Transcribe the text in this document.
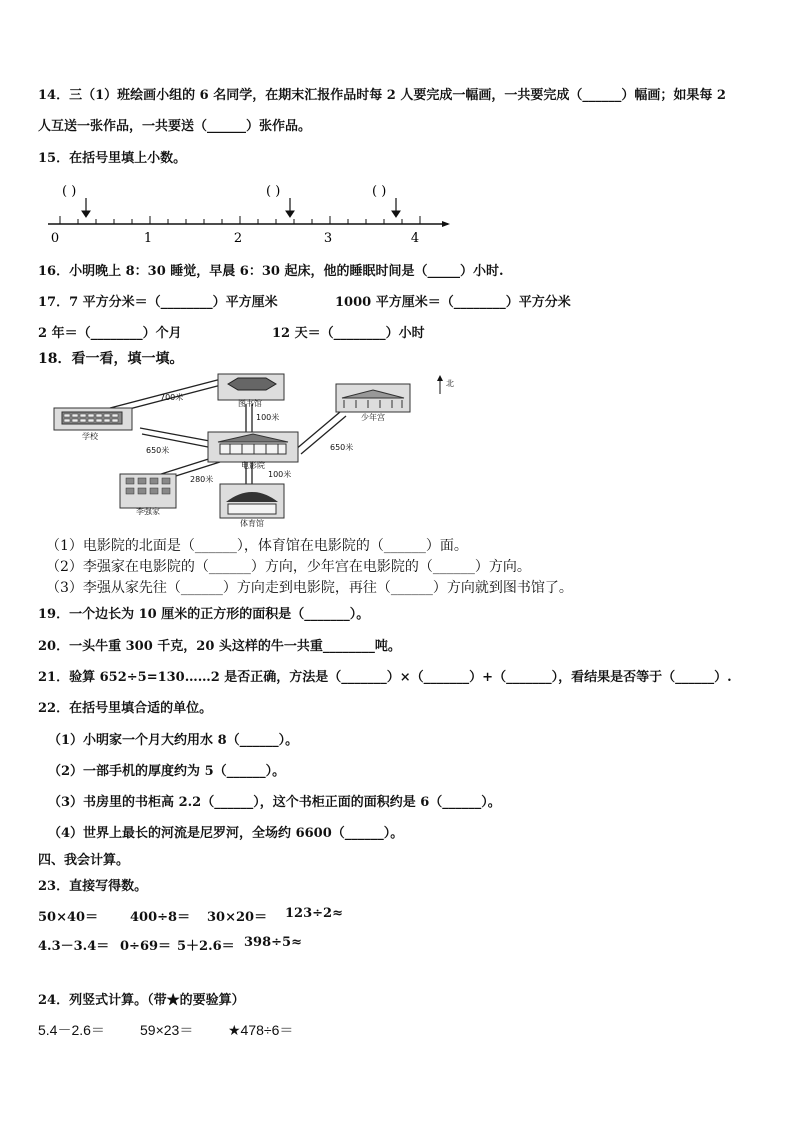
14．三（1）班绘画小组的 6 名同学，在期末汇报作品时每 2 人要完成一幅画，一共要完成（______）幅画；如果每 2
人互送一张作品，一共要送（______）张作品。
15．在括号里填上小数。
( )	( )	( )
0	1	2	3	4
16．小明晚上 8：30 睡觉，早晨 6：30 起床，他的睡眠时间是（_____）小时.
17．7 平方分米＝（________）平方厘米	1000 平方厘米＝（________）平方分米
2 年＝（________）个月	12 天＝（________）小时
18．看一看，填一填。
图书馆
学校
少年宫
电影院
李强家
体育馆
700米
100米
650米	650米
280米
100米
北
（1）电影院的北面是（______），体育馆在电影院的（______）面。
（2）李强家在电影院的（______）方向，少年宫在电影院的（______）方向。
（3）李强从家先往（______）方向走到电影院，再往（______）方向就到图书馆了。
19．一个边长为 10 厘米的正方形的面积是（_______）。
20．一头牛重 300 千克，20 头这样的牛一共重________吨。
21．验算 652÷5=130……2 是否正确，方法是（_______）×（_______）+（_______），看结果是否等于（______）.
22．在括号里填合适的单位。
（1）小明家一个月大约用水 8（______）。
（2）一部手机的厚度约为 5（______）。
（3）书房里的书柜高 2.2（______），这个书柜正面的面积约是 6（______）。
（4）世界上最长的河流是尼罗河，全场约 6600（______）。
四、我会计算。
23．直接写得数。
50×40＝ 400÷8＝ 30×20＝ 123÷2≈
4.3－3.4＝ 0÷69＝ 5＋2.6＝ 398÷5≈
24．列竖式计算。（带★的要验算）
5.4－2.6＝	59×23＝ ★478÷6＝
